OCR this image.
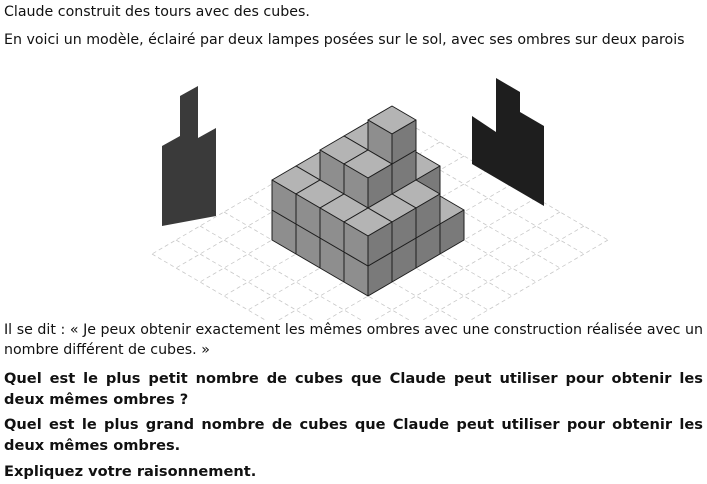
Claude construit des tours avec des cubes.

En voici un modèle, éclairé par deux lampes posées sur le sol, avec ses ombres sur deux parois

Il se dit : « Je peux obtenir exactement les mêmes ombres avec une construction réalisée avec un nombre différent de cubes. »

Quel est le plus petit nombre de cubes que Claude peut utiliser pour obtenir les deux mêmes ombres ?

Quel est le plus grand nombre de cubes que Claude peut utiliser pour obtenir les deux mêmes ombres.

Expliquez votre raisonnement.
